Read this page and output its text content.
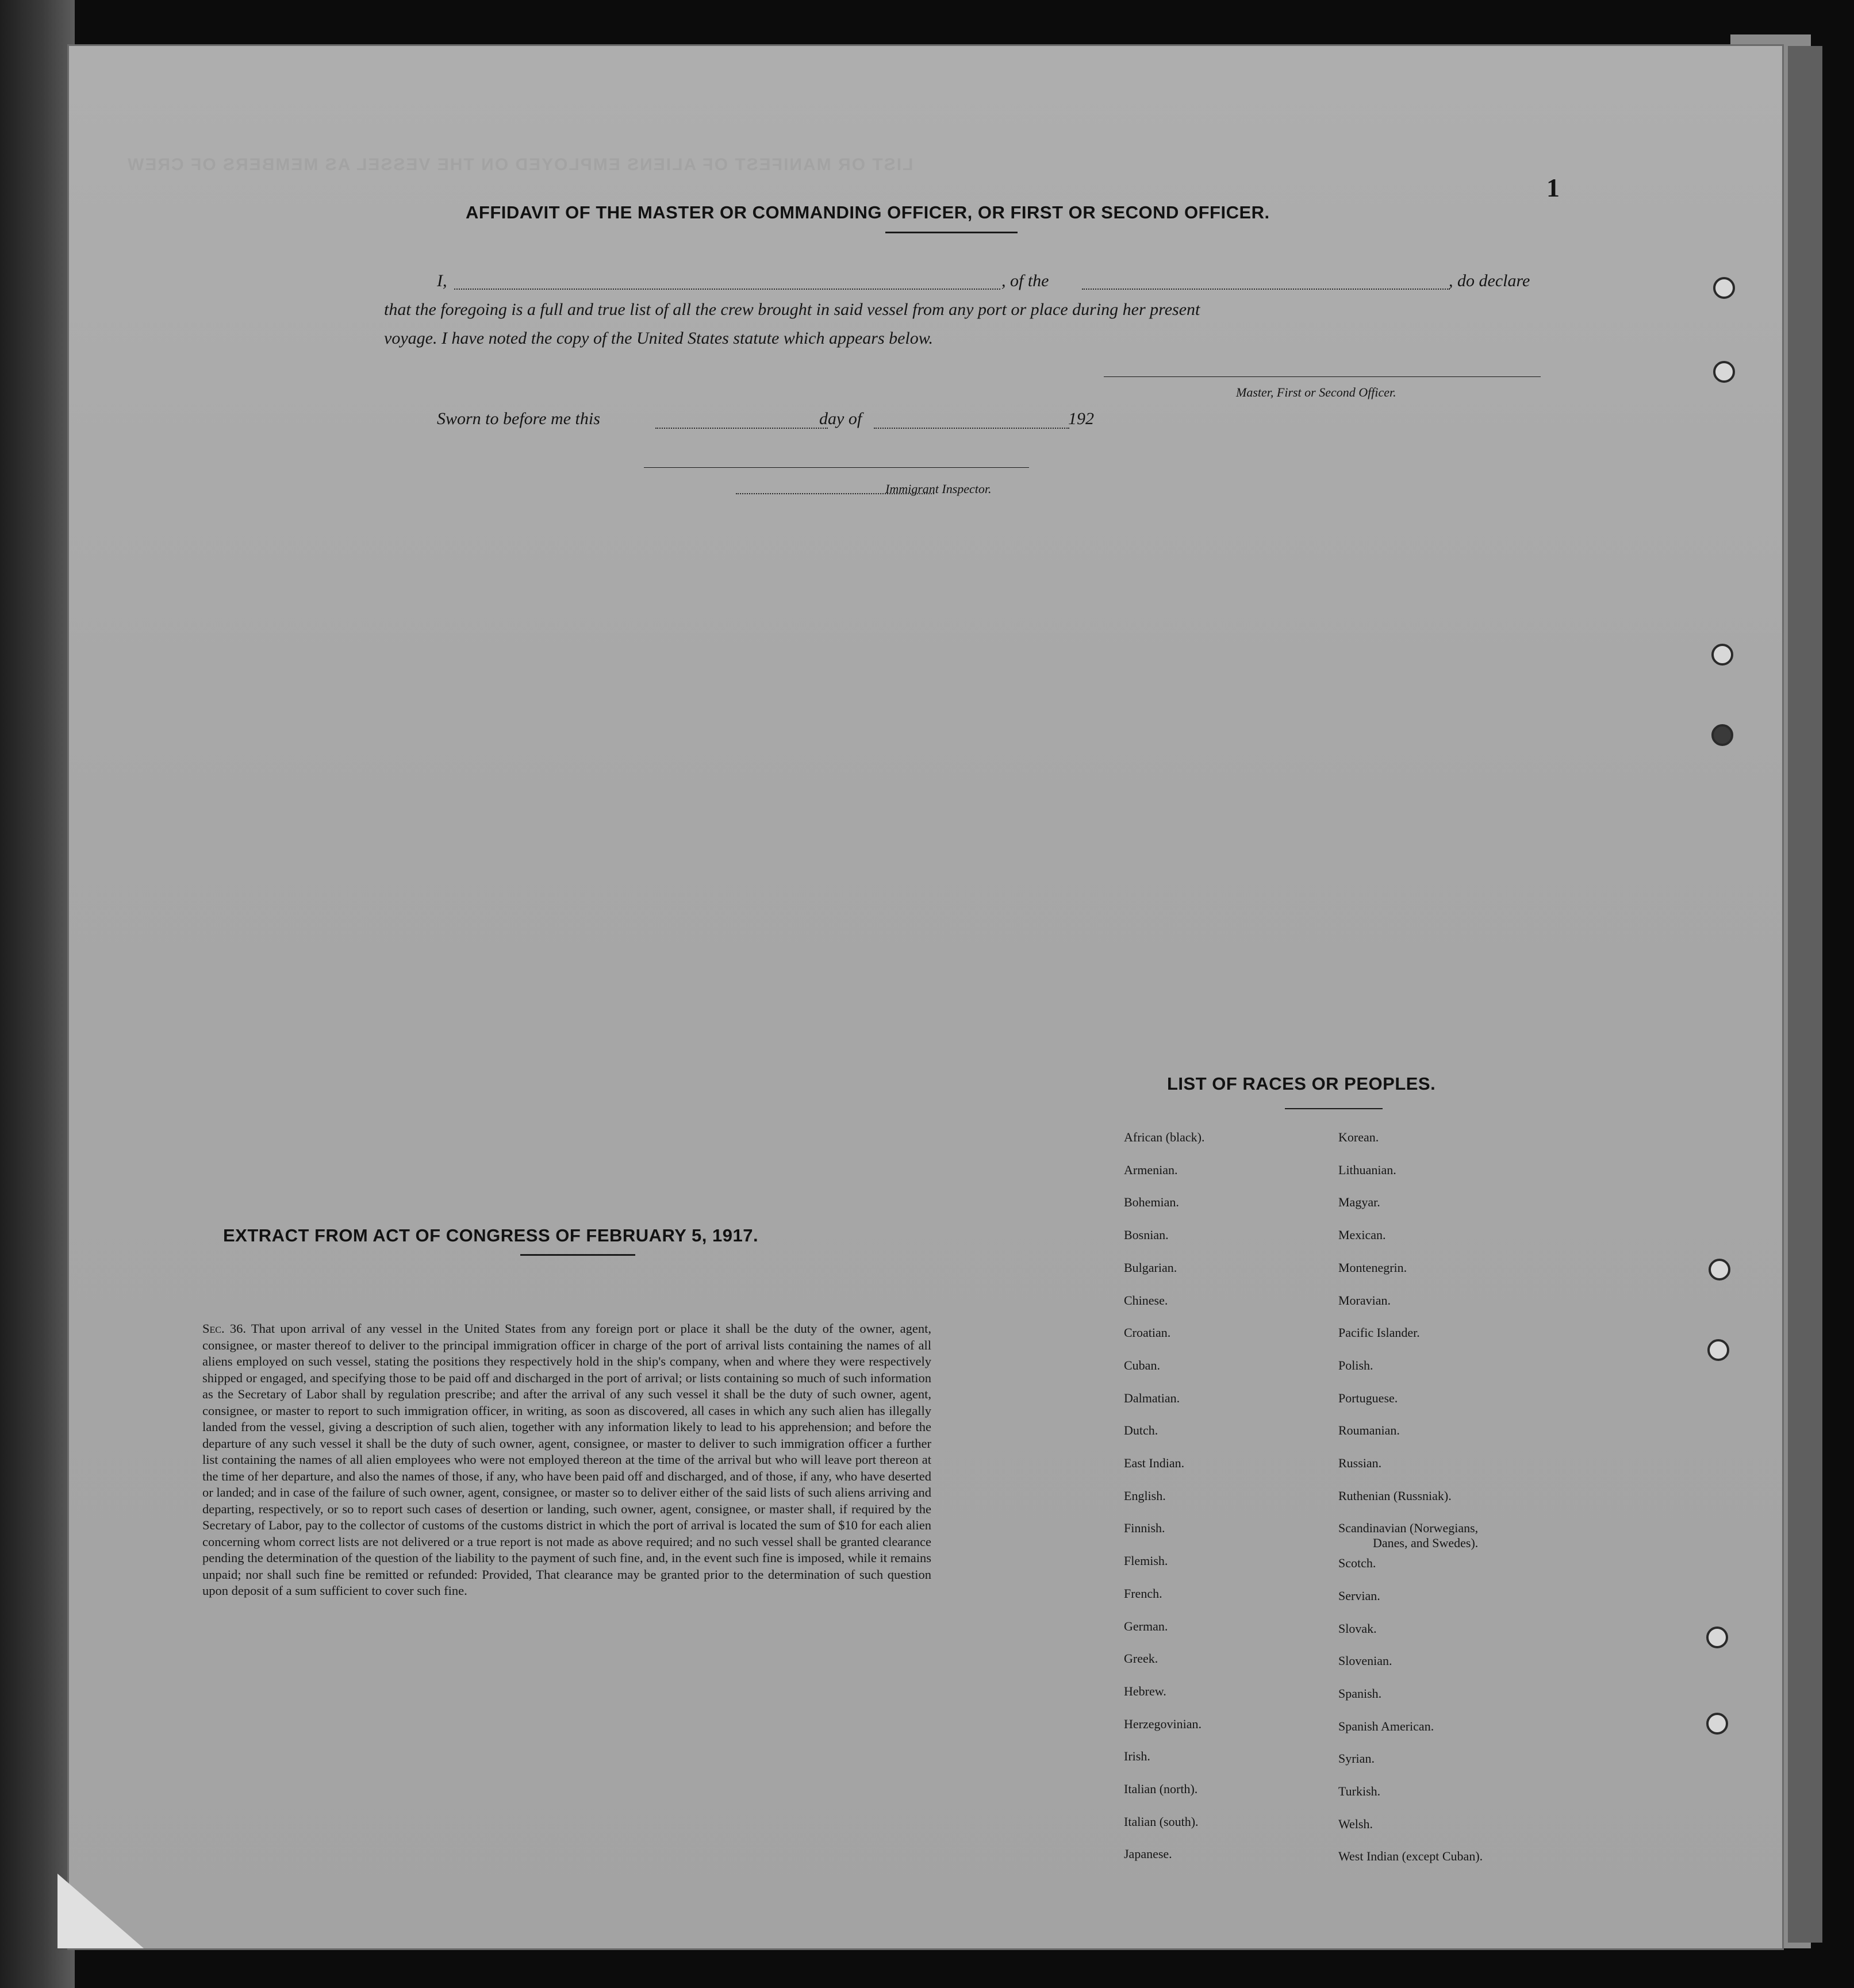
LIST OR MANIFEST OF ALIENS EMPLOYED ON THE VESSEL AS MEMBERS OF CREW
1
AFFIDAVIT OF THE MASTER OR COMMANDING OFFICER, OR FIRST OR SECOND OFFICER.
I,	, of the	, do declare
that the foregoing is a full and true list of all the crew brought in said vessel from any port or place during her present
voyage. I have noted the copy of the United States statute which appears below.
Master, First or Second Officer.
Sworn to before me this	day of	192
Immigrant Inspector.
EXTRACT FROM ACT OF CONGRESS OF FEBRUARY 5, 1917.
Sec. 36. That upon arrival of any vessel in the United States from any foreign port or place it shall be the duty of the owner, agent, consignee, or master thereof to deliver to the principal immigration officer in charge of the port of arrival lists containing the names of all aliens employed on such vessel, stating the positions they respectively hold in the ship's company, when and where they were respectively shipped or engaged, and specifying those to be paid off and discharged in the port of arrival; or lists containing so much of such information as the Secretary of Labor shall by regulation prescribe; and after the arrival of any such vessel it shall be the duty of such owner, agent, consignee, or master to report to such immigration officer, in writing, as soon as discovered, all cases in which any such alien has illegally landed from the vessel, giving a description of such alien, together with any information likely to lead to his apprehension; and before the departure of any such vessel it shall be the duty of such owner, agent, consignee, or master to deliver to such immigration officer a further list containing the names of all alien employees who were not employed thereon at the time of the arrival but who will leave port thereon at the time of her departure, and also the names of those, if any, who have been paid off and discharged, and of those, if any, who have deserted or landed; and in case of the failure of such owner, agent, consignee, or master so to deliver either of the said lists of such aliens arriving and departing, respectively, or so to report such cases of desertion or landing, such owner, agent, consignee, or master shall, if required by the Secretary of Labor, pay to the collector of customs of the customs district in which the port of arrival is located the sum of $10 for each alien concerning whom correct lists are not delivered or a true report is not made as above required; and no such vessel shall be granted clearance pending the determination of the question of the liability to the payment of such fine, and, in the event such fine is imposed, while it remains unpaid; nor shall such fine be remitted or refunded: Provided, That clearance may be granted prior to the determination of such question upon deposit of a sum sufficient to cover such fine.
LIST OF RACES OR PEOPLES.
African (black).
Armenian.
Bohemian.
Bosnian.
Bulgarian.
Chinese.
Croatian.
Cuban.
Dalmatian.
Dutch.
East Indian.
English.
Finnish.
Flemish.
French.
German.
Greek.
Hebrew.
Herzegovinian.
Irish.
Italian (north).
Italian (south).
Japanese.
Korean.
Lithuanian.
Magyar.
Mexican.
Montenegrin.
Moravian.
Pacific Islander.
Polish.
Portuguese.
Roumanian.
Russian.
Ruthenian (Russniak).
Scandinavian (Norwegians,
Danes, and Swedes).
Scotch.
Servian.
Slovak.
Slovenian.
Spanish.
Spanish American.
Syrian.
Turkish.
Welsh.
West Indian (except Cuban).
